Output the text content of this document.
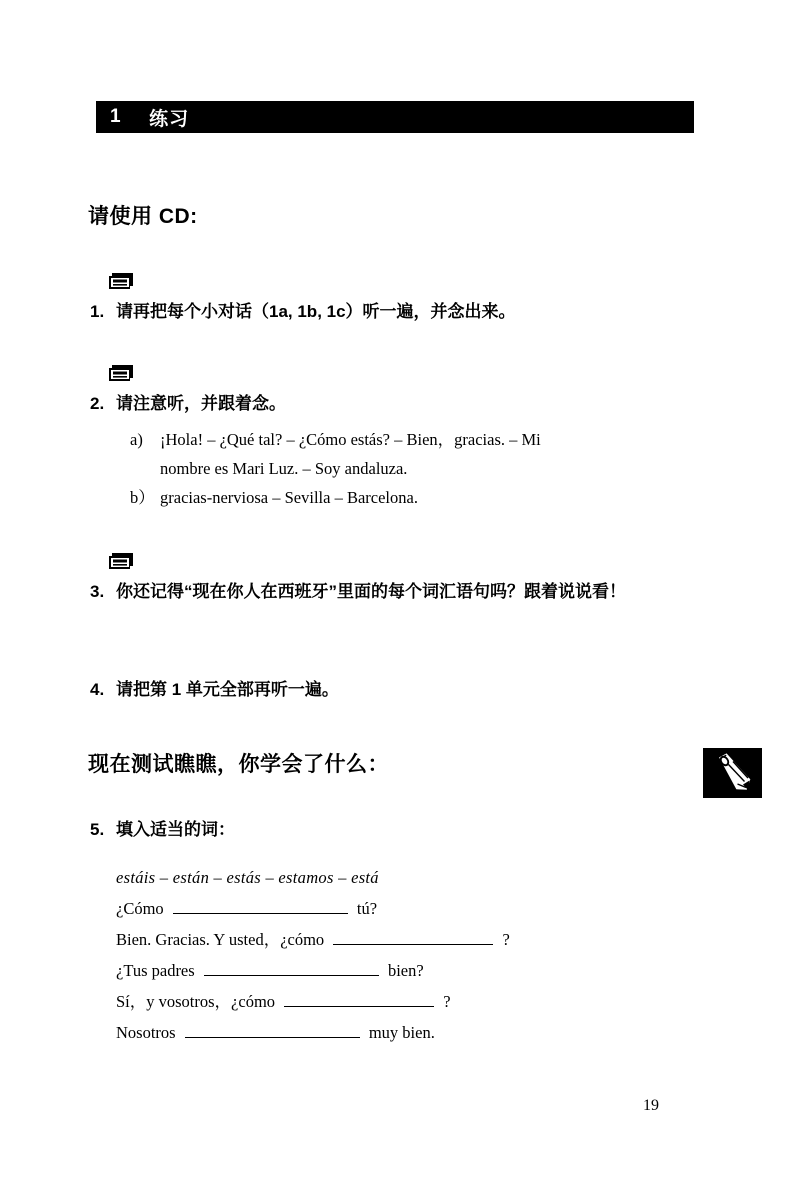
1 练习
请使用 CD:
1. 请再把每个小对话（1a, 1b, 1c）听一遍，并念出来。
2. 请注意听，并跟着念。
a)	¡Hola! – ¿Qué tal? – ¿Cómo estás? – Bien，gracias. – Mi
nombre es Mari Luz. – Soy andaluza.
b） gracias-nerviosa – Sevilla – Barcelona.
3. 你还记得“现在你人在西班牙”里面的每个词汇语句吗？跟着说说看！
4. 请把第 1 单元全部再听一遍。
现在测试瞧瞧，你学会了什么：
5. 填入适当的词：
estáis – están – estás – estamos – está
¿Cómo	tú?
Bien. Gracias. Y usted，¿cómo	?
¿Tus padres	bien?
Sí，y vosotros，¿cómo	?
Nosotros	muy bien.
19
